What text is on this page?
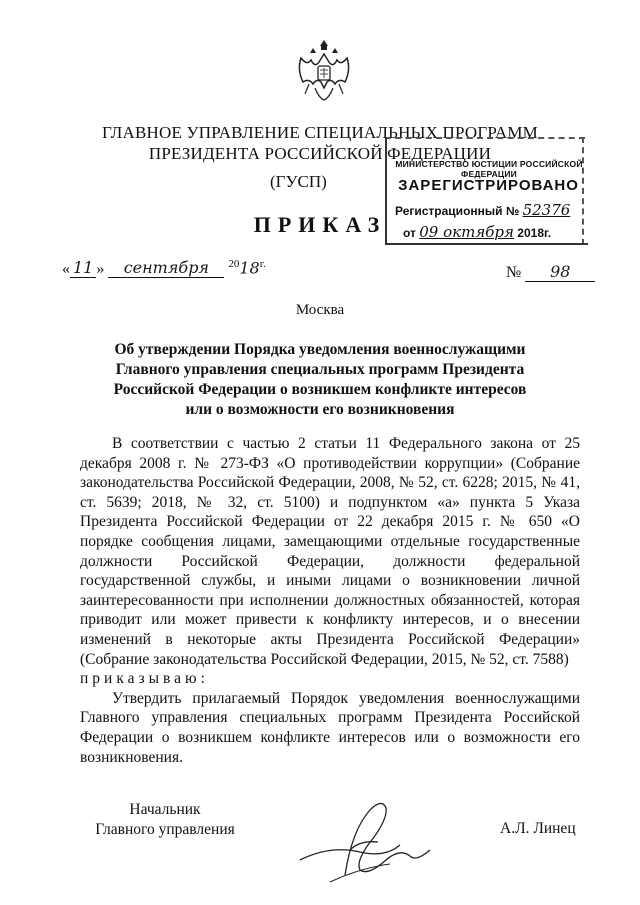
ГЛАВНОЕ УПРАВЛЕНИЕ СПЕЦИАЛЬНЫХ ПРОГРАММ
ПРЕЗИДЕНТА РОССИЙСКОЙ ФЕДЕРАЦИИ
(ГУСП)
ПРИКАЗ
МИНИСТЕРСТВО ЮСТИЦИИ РОССИЙСКОЙ ФЕДЕРАЦИИ
ЗАРЕГИСТРИРОВАНО
Регистрационный № 52376
от 09 октября 2018г.
« 11 » сентября $^{20}18^{г.}$	№ 98
Москва
Об утверждении Порядка уведомления военнослужащими Главного управления специальных программ Президента Российской Федерации о возникшем конфликте интересов или о возможности его возникновения

В соответствии с частью 2 статьи 11 Федерального закона от 25 декабря 2008 г. № 273-ФЗ «О противодействии коррупции» (Собрание законодательства Российской Федерации, 2008, № 52, ст. 6228; 2015, № 41, ст. 5639; 2018, № 32, ст. 5100) и подпунктом «а» пункта 5 Указа Президента Российской Федерации от 22 декабря 2015 г. № 650 «О порядке сообщения лицами, замещающими отдельные государственные должности Российской Федерации, должности федеральной государственной службы, и иными лицами о возникновении личной заинтересованности при исполнении должностных обязанностей, которая приводит или может привести к конфликту интересов, и о внесении изменений в некоторые акты Президента Российской Федерации» (Собрание законодательства Российской Федерации, 2015, № 52, ст. 7588)

приказываю:

Утвердить прилагаемый Порядок уведомления военнослужащими Главного управления специальных программ Президента Российской Федерации о возникшем конфликте интересов или о возможности его возникновения.

Начальник
Главного управления	А.Л. Линец
